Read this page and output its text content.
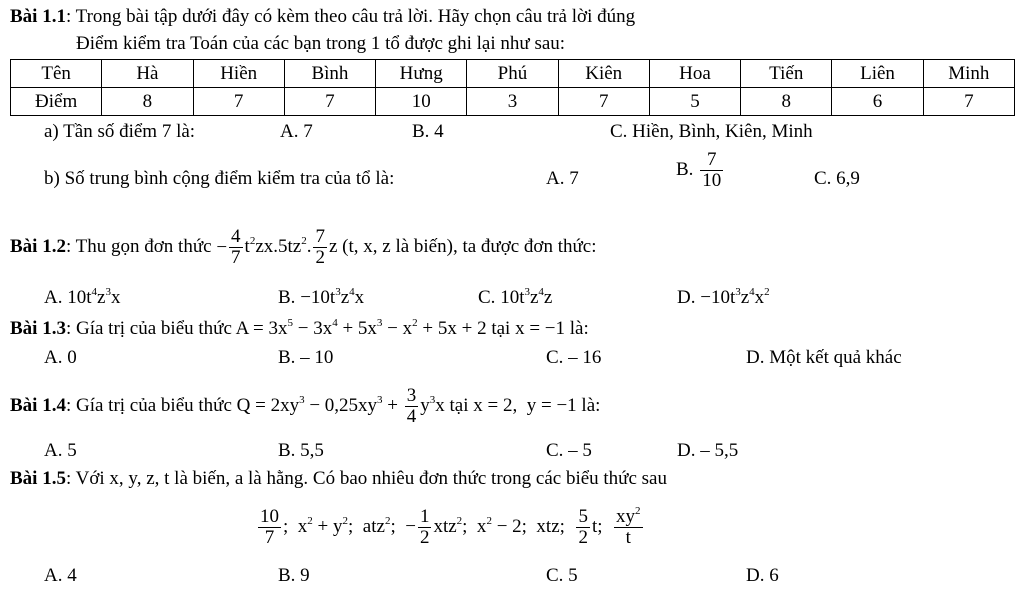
Bài 1.1: Trong bài tập dưới đây có kèm theo câu trả lời. Hãy chọn câu trả lời đúng
Điểm kiểm tra Toán của các bạn trong 1 tổ được ghi lại như sau:
Tên	Hà	Hiền	Bình	Hưng	Phú	Kiên	Hoa	Tiến	Liên	Minh
Điểm	8	7	7	10	3	7	5	8	6	7
a) Tần số điểm 7 là:	A. 7	B. 4	C. Hiền, Bình, Kiên, Minh
b) Số trung bình cộng điểm kiểm tra của tổ là:	A. 7	B. $\frac{7}{10}$	C. 6,9
Bài 1.2: Thu gọn đơn thức − $\frac{4}{7} t^2zx.5tz^2$. $\frac{7}{2}$ z (t, x, z là biến), ta được đơn thức:
A. $10t^4z^3x$	B. $-10t^3z^4x$	C. $10t^3z^4z$	D. $-10t^3z^4x^2$
Bài 1.3: Gía trị của biểu thức $A = 3x^5 - 3x^4 + 5x^3 - x^2 + 5x + 2$ tại x = −1 là:
A. 0	B. – 10	C. – 16	D. Một kết quả khác
Bài 1.4: Gía trị của biểu thức $Q = 2xy^3 - 0,25xy^3 + \frac{3}{4} y^3x$ tại x = 2,  y = −1 là:
A. 5	B. 5,5	C. – 5	D. – 5,5
Bài 1.5: Với x, y, z, t là biến, a là hằng. Có bao nhiêu đơn thức trong các biểu thức sau
$\frac{10}{7}$ ;  $x^2 + y^2$;  atz$^2$;  − $\frac{1}{2} xtz^2$;  $x^2 - 2$;  xtz; $\frac{5}{2} t$; $\frac{xy^2}{t}$
A. 4	B. 9	C. 5	D. 6
